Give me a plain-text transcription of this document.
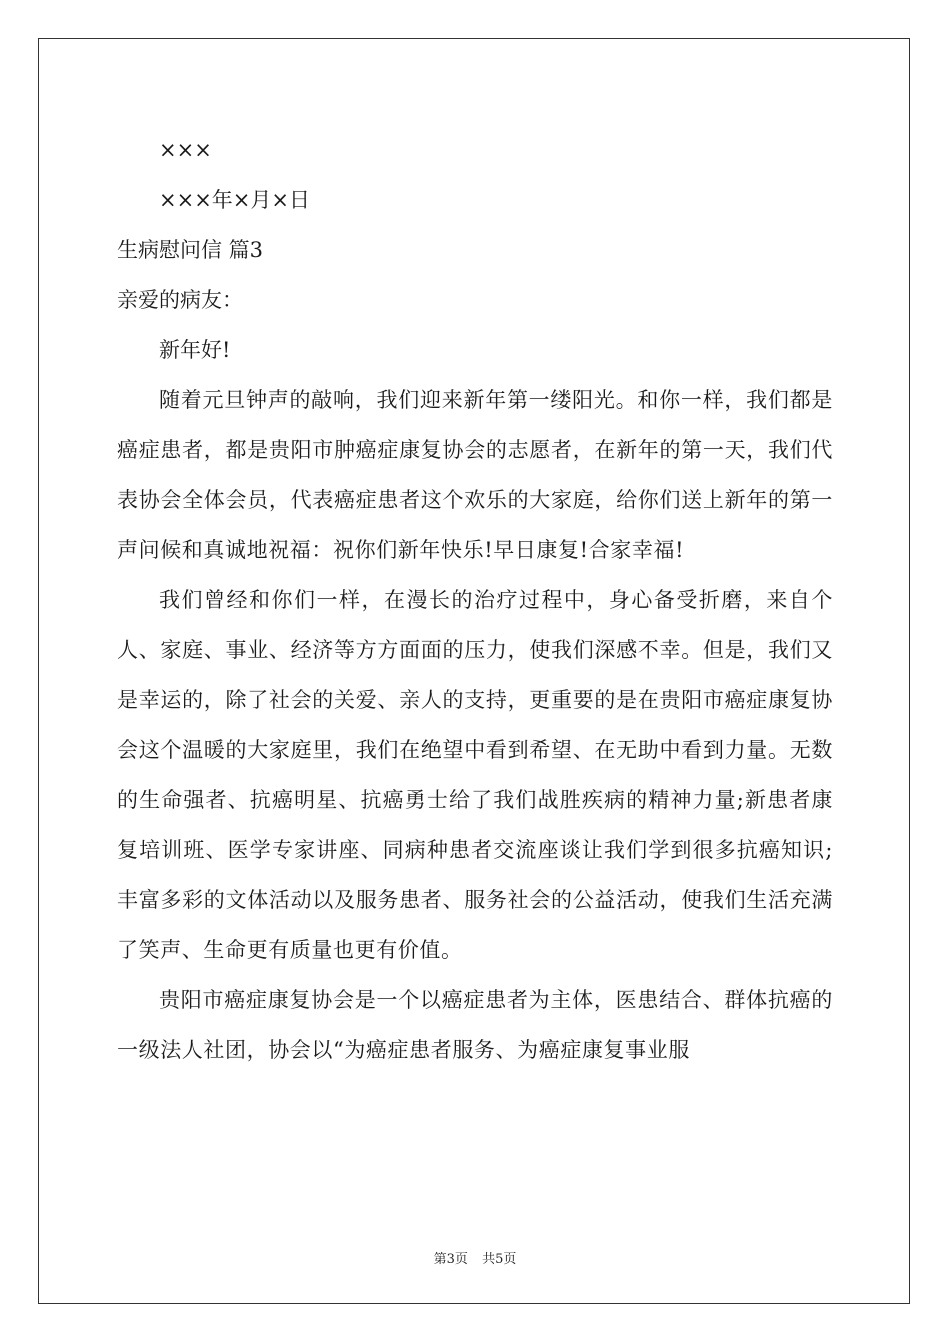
×××

×××年×月×日

生病慰问信 篇3

亲爱的病友：

新年好!

随着元旦钟声的敲响，我们迎来新年第一缕阳光。和你一样，我们都是癌症患者，都是贵阳市肿癌症康复协会的志愿者，在新年的第一天，我们代表协会全体会员，代表癌症患者这个欢乐的大家庭，给你们送上新年的第一声问候和真诚地祝福：祝你们新年快乐!早日康复!合家幸福!

我们曾经和你们一样，在漫长的治疗过程中，身心备受折磨，来自个人、家庭、事业、经济等方方面面的压力，使我们深感不幸。但是，我们又是幸运的，除了社会的关爱、亲人的支持，更重要的是在贵阳市癌症康复协会这个温暖的大家庭里，我们在绝望中看到希望、在无助中看到力量。无数的生命强者、抗癌明星、抗癌勇士给了我们战胜疾病的精神力量;新患者康复培训班、医学专家讲座、同病种患者交流座谈让我们学到很多抗癌知识;丰富多彩的文体活动以及服务患者、服务社会的公益活动，使我们生活充满了笑声、生命更有质量也更有价值。

贵阳市癌症康复协会是一个以癌症患者为主体，医患结合、群体抗癌的一级法人社团，协会以“为癌症患者服务、为癌症康复事业服

第3页 共5页
